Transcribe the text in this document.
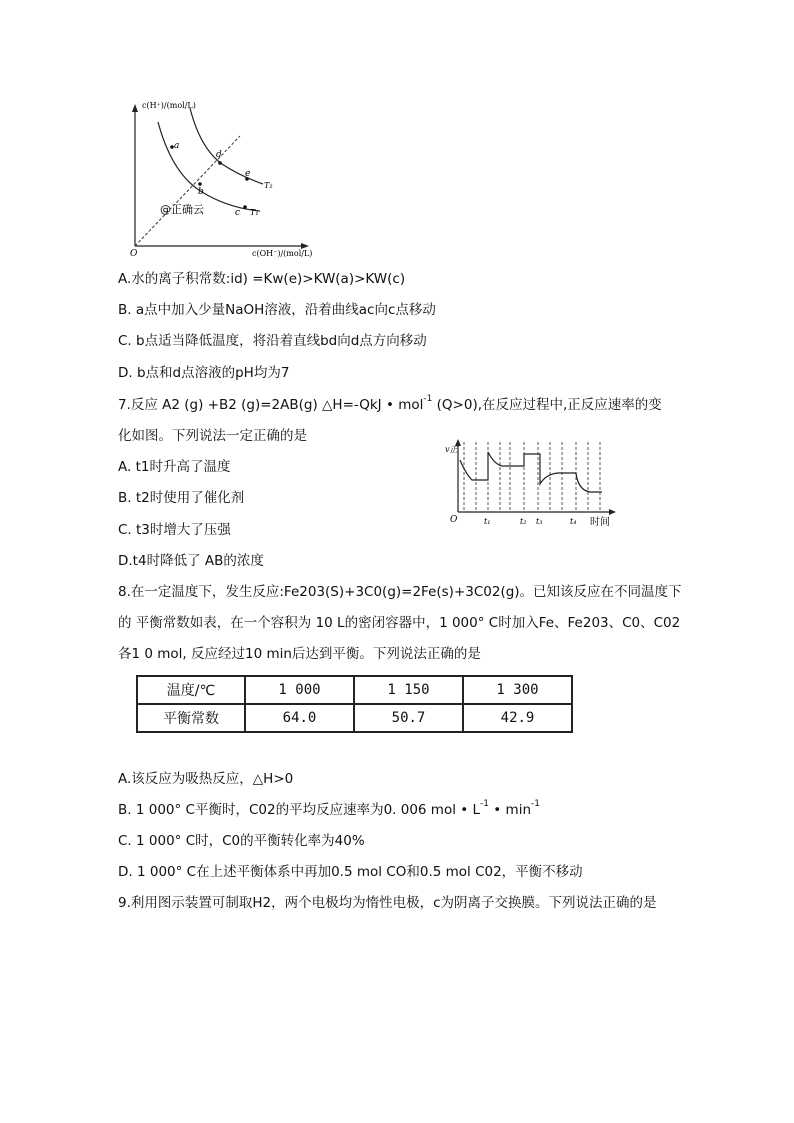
c(H⁺)/(mol/L)
c(OH⁻)/(mol/L)
O
a
b
c
d
e
T₁
T₂
@正确云
A.水的离子积常数:id) =Kw(e)>KW(a)>KW(c)
B. a点中加入少量NaOH溶液，沿着曲线ac向c点移动
C. b点适当降低温度，将沿着直线bd向d点方向移动
D. b点和d点溶液的pH均为7
7.反应 A2 (g) +B2 (g)=2AB(g) △H=-QkJ • mol$^{-1}$ (Q>0),在反应过程中,正反应速率的变
化如图。下列说法一定正确的是
A. t1时升高了温度
B. t2时使用了催化剂
C. t3时增大了压强
D.t4时降低了 AB的浓度
v正
O	t₁	t₂ t₃	t₄ 时间
8.在一定温度下，发生反应:Fe203(S)+3C0(g)=2Fe(s)+3C02(g)。已知该反应在不同温度下
的 平衡常数如表，在一个容积为 10 L的密闭容器中，1 000° C时加入Fe、Fe203、C0、C02
各1 0 mol, 反应经过10 min后达到平衡。下列说法正确的是
温度/℃	1 000	1 150	1 300
平衡常数	64.0	50.7	42.9
A.该反应为吸热反应，△H>0
B. 1 000° C平衡时，C02的平均反应速率为0. 006 mol • $L^{-1}$ • $\min^{-1}$
C. 1 000° C时，C0的平衡转化率为40%
D. 1 000° C在上述平衡体系中再加0.5 mol CO和0.5 mol C02，平衡不移动
9.利用图示装置可制取H2，两个电极均为惰性电极，c为阴离子交换膜。下列说法正确的是
